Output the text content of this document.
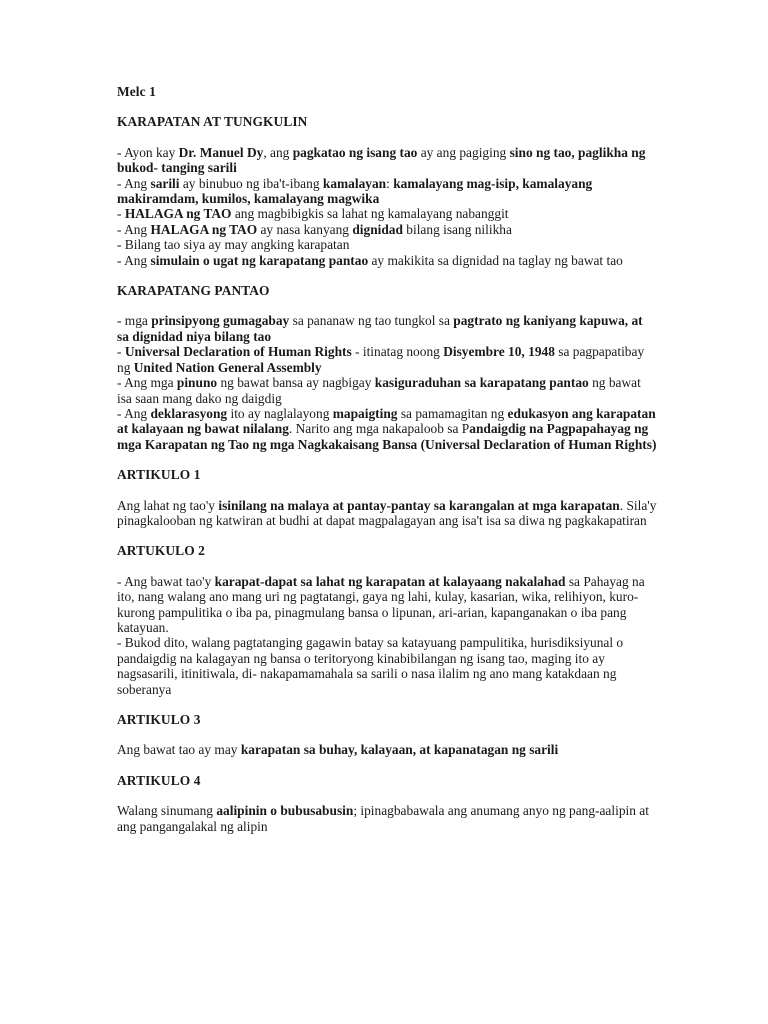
Melc 1
KARAPATAN AT TUNGKULIN

- Ayon kay Dr. Manuel Dy, ang pagkatao ng isang tao ay ang pagiging sino ng tao, paglikha ng bukod- tanging sarili

- Ang sarili ay binubuo ng iba't-ibang kamalayan: kamalayang mag-isip, kamalayang makiramdam, kumilos, kamalayang magwika

- HALAGA ng TAO ang magbibigkis sa lahat ng kamalayang nabanggit

- Ang HALAGA ng TAO ay nasa kanyang dignidad bilang isang nilikha

- Bilang tao siya ay may angking karapatan

- Ang simulain o ugat ng karapatang pantao ay makikita sa dignidad na taglay ng bawat tao

KARAPATANG PANTAO

- mga prinsipyong gumagabay sa pananaw ng tao tungkol sa pagtrato ng kaniyang kapuwa, at sa dignidad niya bilang tao

- Universal Declaration of Human Rights - itinatag noong Disyembre 10, 1948 sa pagpapatibay ng United Nation General Assembly

- Ang mga pinuno ng bawat bansa ay nagbigay kasiguraduhan sa karapatang pantao ng bawat isa saan mang dako ng daigdig

- Ang deklarasyong ito ay naglalayong mapaigting sa pamamagitan ng edukasyon ang karapatan at kalayaan ng bawat nilalang. Narito ang mga nakapaloob sa Pandaigdig na Pagpapahayag ng mga Karapatan ng Tao ng mga Nagkakaisang Bansa (Universal Declaration of Human Rights)

ARTIKULO 1

Ang lahat ng tao'y isinilang na malaya at pantay-pantay sa karangalan at mga karapatan. Sila'y pinagkalooban ng katwiran at budhi at dapat magpalagayan ang isa't isa sa diwa ng pagkakapatiran

ARTUKULO 2

- Ang bawat tao'y karapat-dapat sa lahat ng karapatan at kalayaang nakalahad sa Pahayag na ito, nang walang ano mang uri ng pagtatangi, gaya ng lahi, kulay, kasarian, wika, relihiyon, kuro-kurong pampulitika o iba pa, pinagmulang bansa o lipunan, ari-arian, kapanganakan o iba pang katayuan.

- Bukod dito, walang pagtatanging gagawin batay sa katayuang pampulitika, hurisdiksiyunal o pandaigdig na kalagayan ng bansa o teritoryong kinabibilangan ng isang tao, maging ito ay nagsasarili, itinitiwala, di- nakapamamahala sa sarili o nasa ilalim ng ano mang katakdaan ng soberanya

ARTIKULO 3

Ang bawat tao ay may karapatan sa buhay, kalayaan, at kapanatagan ng sarili

ARTIKULO 4

Walang sinumang aalipinin o bubusabusin; ipinagbabawala ang anumang anyo ng pang-aalipin at ang pangangalakal ng alipin
